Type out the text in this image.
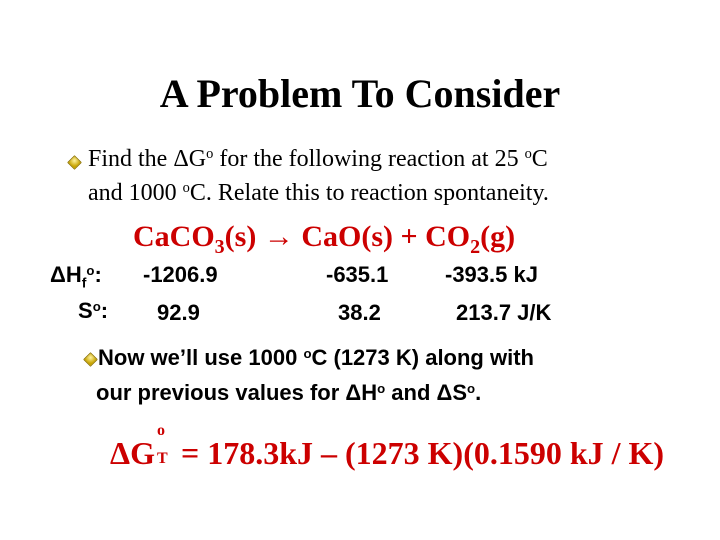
A Problem To Consider
Find the $\Delta G^o$ for the following reaction at 25 $^o$C
and 1000 $^o$C. Relate this to reaction spontaneity.
CaCO$_3$(s) → $CaO(s) + CO_2(g)$
$\Delta H_f^o$: -1206.9	-635.1	-393.5 kJ
$S^o$: 92.9	38.2	213.7 J/K
Now we’ll use 1000 $^o$C (1273 K) along with
our previous values for $\Delta H^o$ and $\Delta S^o$.
ΔG
o
T = 178.3kJ – (1273 K)(0.1590 kJ / K)
